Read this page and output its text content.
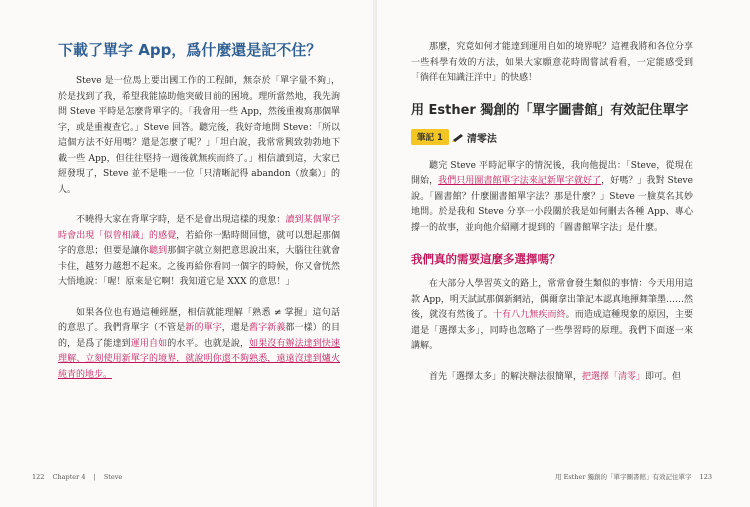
下載了單字 App，爲什麼還是記不住？

Steve 是一位馬上要出國工作的工程師，無奈於「單字量不夠」，於是找到了我，希望我能協助他突破目前的困境。理所當然地，我先詢問 Steve 平時是怎麼背單字的。「我會用一些 App，然後重複寫那個單字，或是重複查它。」Steve 回答。聽完後，我好奇地問 Steve：「所以這個方法不好用嗎？還是怎麼了呢？」「坦白說，我常常興致勃勃地下載一些 App，但往往堅持一週後就無疾而終了。」相信讀到這，大家已經發現了，Steve 並不是唯一一位「只清晰記得 abandon（放棄）」的人。

不曉得大家在背單字時，是不是會出現這樣的現象：讀到某個單字時會出現「似曾相識」的感覺，若給你一點時間回憶，就可以想起那個字的意思；但要是讓你聽到那個字就立刻把意思說出來，大腦往往就會卡住，越努力越想不起來。之後再給你看同一個字的時候，你又會恍然大悟地說：「喔！原來是它啊！我知道它是 XXX 的意思！」

如果各位也有過這種經歷，相信就能理解「熟悉 ≠ 掌握」這句話的意思了。我們背單字（不管是新的單字，還是舊字新義都一樣）的目的，是爲了能達到運用自如的水平。也就是說，如果沒有辦法達到快速理解、立刻使用新單字的境界，就說明你還不夠熟悉，遠遠沒達到爐火純青的地步。

122 Chapter 4 | Steve

那麼，究竟如何才能達到運用自如的境界呢？這裡我將和各位分享一些科學有效的方法，如果大家願意花時間嘗試看看，一定能感受到「徜徉在知識汪洋中」的快感！

用 Esther 獨創的「單字圖書館」有效記住單字
筆記 1	清零法

聽完 Steve 平時記單字的情況後，我向他提出：「Steve，從現在開始，我們只用圖書館單字法來記新單字就好了，好嗎？」我對 Steve 說。「圖書館？什麼圖書館單字法？那是什麼？」Steve 一臉莫名其妙地問。於是我和 Steve 分享一小段關於我是如何刪去各種 App、專心撐一的故事，並向他介紹剛才提到的「圖書館單字法」是什麼。

我們真的需要這麼多選擇嗎？

在大部分人學習英文的路上，常常會發生類似的事情：今天用用這款 App，明天試試那個新網站，偶爾拿出筆記本認真地揮舞筆墨……然後，就沒有然後了。十有八九無疾而終。而造成這種現象的原因，主要還是「選擇太多」，同時也忽略了一些學習時的原理。我們下面逐一來講解。

首先「選擇太多」的解決辦法很簡單，把選擇「清零」即可。但

用 Esther 獨創的「單字圖書館」有效記住單字 123
